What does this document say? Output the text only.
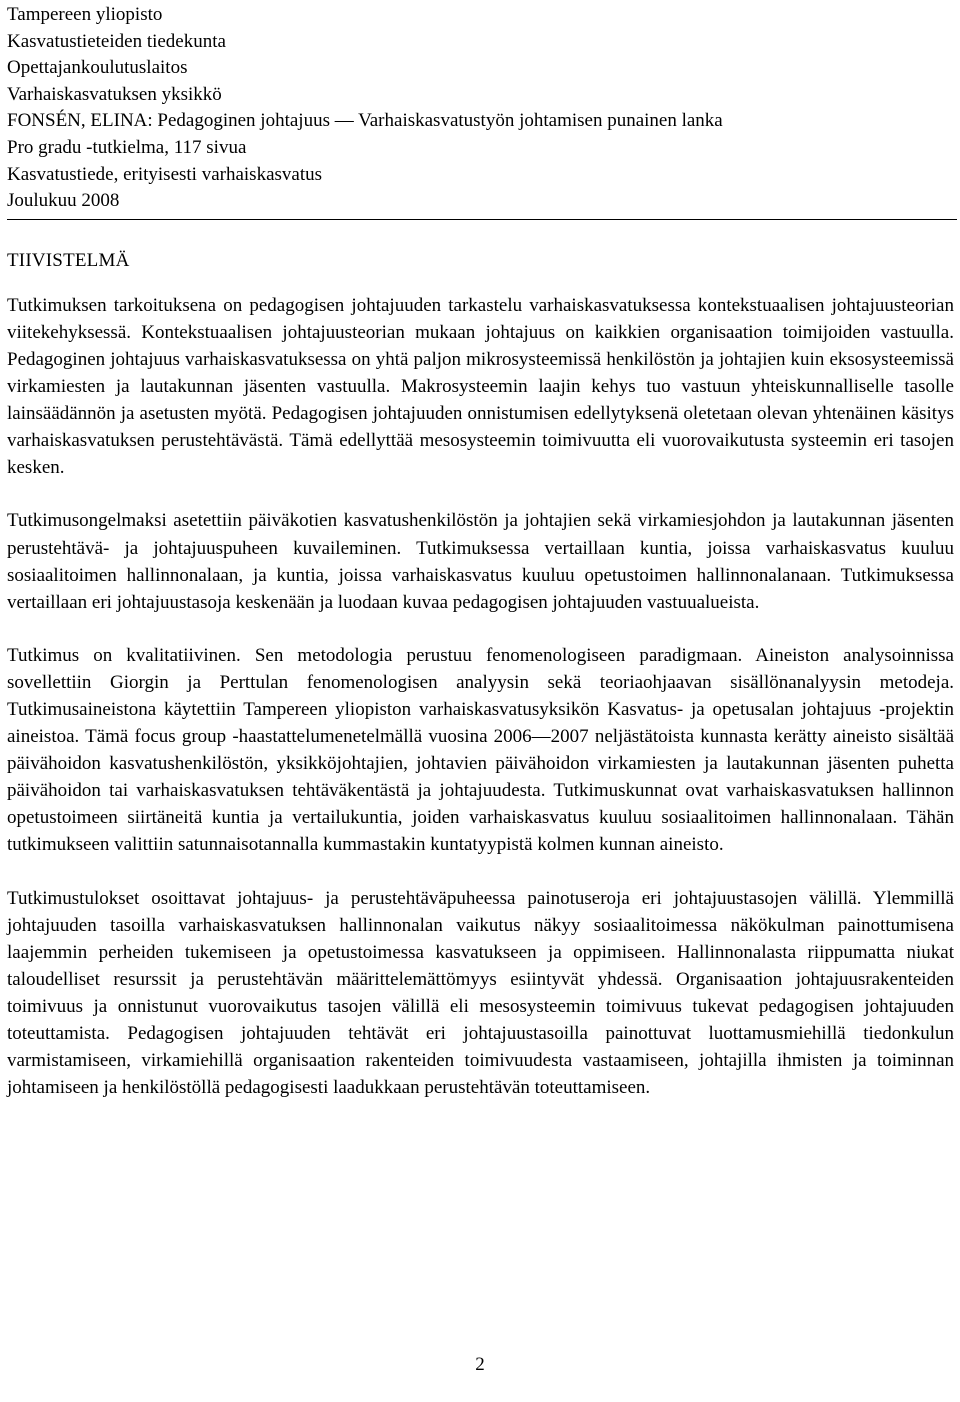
Tampereen yliopisto
Kasvatustieteiden tiedekunta
Opettajankoulutuslaitos
Varhaiskasvatuksen yksikkö
FONSÉN, ELINA: Pedagoginen johtajuus ― Varhaiskasvatustyön johtamisen punainen lanka
Pro gradu -tutkielma, 117 sivua
Kasvatustiede, erityisesti varhaiskasvatus
Joulukuu 2008
TIIVISTELMÄ

Tutkimuksen tarkoituksena on pedagogisen johtajuuden tarkastelu varhaiskasvatuksessa kontekstuaalisen johtajuusteorian viitekehyksessä. Kontekstuaalisen johtajuusteorian mukaan johtajuus on kaikkien organisaation toimijoiden vastuulla. Pedagoginen johtajuus varhaiskasvatuksessa on yhtä paljon mikrosysteemissä henkilöstön ja johtajien kuin eksosysteemissä virkamiesten ja lautakunnan jäsenten vastuulla. Makrosysteemin laajin kehys tuo vastuun yhteiskunnalliselle tasolle lainsäädännön ja asetusten myötä. Pedagogisen johtajuuden onnistumisen edellytyksenä oletetaan olevan yhtenäinen käsitys varhaiskasvatuksen perustehtävästä. Tämä edellyttää mesosysteemin toimivuutta eli vuorovaikutusta systeemin eri tasojen kesken.

Tutkimusongelmaksi asetettiin päiväkotien kasvatushenkilöstön ja johtajien sekä virkamiesjohdon ja lautakunnan jäsenten perustehtävä- ja johtajuuspuheen kuvaileminen. Tutkimuksessa vertaillaan kuntia, joissa varhaiskasvatus kuuluu sosiaalitoimen hallinnonalaan, ja kuntia, joissa varhaiskasvatus kuuluu opetustoimen hallinnonalanaan. Tutkimuksessa vertaillaan eri johtajuustasoja keskenään ja luodaan kuvaa pedagogisen johtajuuden vastuualueista.

Tutkimus on kvalitatiivinen. Sen metodologia perustuu fenomenologiseen paradigmaan. Aineiston analysoinnissa sovellettiin Giorgin ja Perttulan fenomenologisen analyysin sekä teoriaohjaavan sisällönanalyysin metodeja. Tutkimusaineistona käytettiin Tampereen yliopiston varhaiskasvatusyksikön Kasvatus- ja opetusalan johtajuus -projektin aineistoa. Tämä focus group -haastattelumenetelmällä vuosina 2006―2007 neljästätoista kunnasta kerätty aineisto sisältää päivähoidon kasvatushenkilöstön, yksikköjohtajien, johtavien päivähoidon virkamiesten ja lautakunnan jäsenten puhetta päivähoidon tai varhaiskasvatuksen tehtäväkentästä ja johtajuudesta. Tutkimuskunnat ovat varhaiskasvatuksen hallinnon opetustoimeen siirtäneitä kuntia ja vertailukuntia, joiden varhaiskasvatus kuuluu sosiaalitoimen hallinnonalaan. Tähän tutkimukseen valittiin satunnaisotannalla kummastakin kuntatyypistä kolmen kunnan aineisto.

Tutkimustulokset osoittavat johtajuus- ja perustehtäväpuheessa painotuseroja eri johtajuustasojen välillä. Ylemmillä johtajuuden tasoilla varhaiskasvatuksen hallinnonalan vaikutus näkyy sosiaalitoimessa näkökulman painottumisena laajemmin perheiden tukemiseen ja opetustoimessa kasvatukseen ja oppimiseen. Hallinnonalasta riippumatta niukat taloudelliset resurssit ja perustehtävän määrittelemättömyys esiintyvät yhdessä. Organisaation johtajuusrakenteiden toimivuus ja onnistunut vuorovaikutus tasojen välillä eli mesosysteemin toimivuus tukevat pedagogisen johtajuuden toteuttamista. Pedagogisen johtajuuden tehtävät eri johtajuustasoilla painottuvat luottamusmiehillä tiedonkulun varmistamiseen, virkamiehillä organisaation rakenteiden toimivuudesta vastaamiseen, johtajilla ihmisten ja toiminnan johtamiseen ja henkilöstöllä pedagogisesti laadukkaan perustehtävän toteuttamiseen.

2
